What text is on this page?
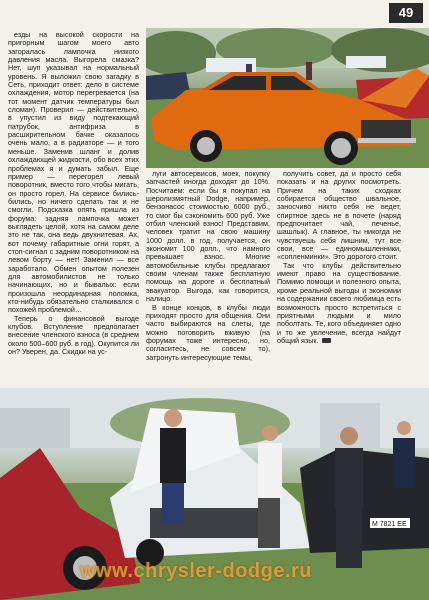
49

езды на высокой скорости на пригорным шагом моего авто загоралась лампочка низкого давления масла. Выгорела смазка? Нет, шуп указывал на нормальный уровень. Я выложил свою загадку в Сеть, приходит ответ: дело в системе охлаждения, мотор перегревается (на тот момент датчик температуры был сломан). Проверил — действительно, в упустил из виду подтекающий патрубок, антифриза в расширительном бачке оказалось очень мало, а в радиаторе — и того меньше. Заменив шланг и долив охлаждающей жидкости, обо всех этих проблемах я и думать забыл. Еще пример — перегорел левый поворотник, вместо того чтобы мигать, он просто горел. На сервисе бились-бились, но ничего сделать так и не смогли. Подсказка опять пришла из форума: задняя лампочка может выглядеть целой, хотя на самом деле это не так, она ведь двухнитевая. Ах, вот почему габаритные огни горят, а стоп-сигнал с задним поворотником на левом борту — нет! Заменил — все заработало. Обмен опытом полезен для автомобилистов не только начинающих, но и бывалых: если произошла неординарная поломка, кто-нибудь обязательно сталкивался с похожей проблемой…

Теперь о финансовой выгоде клубов. Вступление предполагает внесение членского взноса (в среднем около 500–600 руб. в год). Окупится ли он? Уверен, да. Скидки на ус-

луги автосервисов, моек, покупку запчастей иногда доходят до 10%. Посчитаем: если бы я покупал на шеролизмятный Dodge, например, бензонасос стоимостью 6000 руб., то смог бы сэкономить 600 руб. Уже отбил членский взнос! Представим, человек тратит на свою машину 1000 долл. в год, получается, он экономит 100 долл., что намного превышает взнос. Многие автомобильные клубы предлагают своим членам также бесплатную помощь на дороге и бесплатный эвакуатор. Выгода, как говорится, налицо.

В конце концов, в клубы люди приходят просто для общения. Они часто выбираются на слеты, где можно поговорить вживую (на форумах тоже интересно, но, согласитесь, не совсем то), затронуть интересующие темы,

получить совет, да и просто себя показать и на других посмотреть. Причем на таких сходках собирается общество швальное, заносчиво никто себя не ведет, спиртное здесь не в почете (наряд предпочитает чай, печенье, шашлык). А главное, ты никогда не чувствуешь себя лишним, тут все свои, все — единомышленники, «сопленминки». Это дорогого стоит.

Так что клубы действительно имеют право на существование. Помимо помощи и полезного опыта, кроме реальной выгоды и экономии на содержании своего любимца есть возможность просто встретиться с приятными людьми и мило поболтать. Те, кого объединяет одно и то же увлечение, всегда найдут общий язык.

М 7821 ЕЕ
www.chrysler-dodge.ru
